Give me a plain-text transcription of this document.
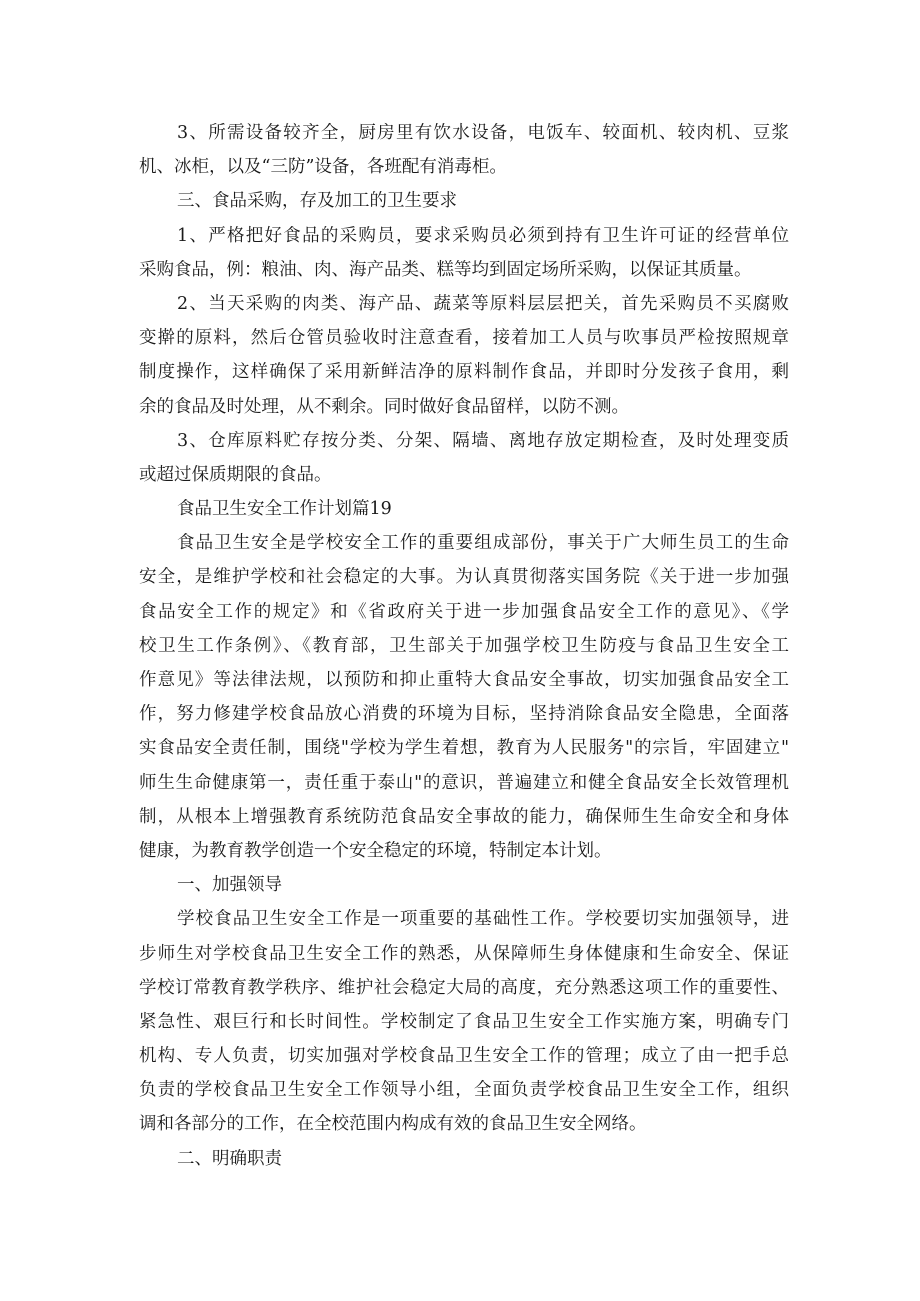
3、所需设备较齐全，厨房里有饮水设备，电饭车、较面机、较肉机、豆浆
机、冰柜，以及“三防”设备，各班配有消毒柜。
三、食品采购，存及加工的卫生要求
1、严格把好食品的采购员，要求采购员必须到持有卫生许可证的经营单位
采购食品，例：粮油、肉、海产品类、糕等均到固定场所采购，以保证其质量。
2、当天采购的肉类、海产品、蔬菜等原料层层把关，首先采购员不买腐败
变擀的原料，然后仓管员验收时注意查看，接着加工人员与吹事员严检按照规章
制度操作，这样确保了采用新鲜洁净的原料制作食品，并即时分发孩子食用，剩
余的食品及时处理，从不剩余。同时做好食品留样，以防不测。
3、仓库原料贮存按分类、分架、隔墙、离地存放定期检查，及时处理变质
或超过保质期限的食品。
食品卫生安全工作计划篇19
食品卫生安全是学校安全工作的重要组成部份，事关于广大师生员工的生命
安全，是维护学校和社会稳定的大事。为认真贯彻落实国务院《关于进一步加强
食品安全工作的规定》和《省政府关于进一步加强食品安全工作的意见》、《学
校卫生工作条例》、《教育部，卫生部关于加强学校卫生防疫与食品卫生安全工
作意见》等法律法规，以预防和抑止重特大食品安全事故，切实加强食品安全工
作，努力修建学校食品放心消费的环境为目标，坚持消除食品安全隐患，全面落
实食品安全责任制，围绕"学校为学生着想，教育为人民服务"的宗旨，牢固建立"
师生生命健康第一，责任重于泰山"的意识，普遍建立和健全食品安全长效管理机
制，从根本上增强教育系统防范食品安全事故的能力，确保师生生命安全和身体
健康，为教育教学创造一个安全稳定的环境，特制定本计划。
一、加强领导
学校食品卫生安全工作是一项重要的基础性工作。学校要切实加强领导，进
步师生对学校食品卫生安全工作的熟悉，从保障师生身体健康和生命安全、保证
学校订常教育教学秩序、维护社会稳定大局的高度，充分熟悉这项工作的重要性、
紧急性、艰巨行和长时间性。学校制定了食品卫生安全工作实施方案，明确专门
机构、专人负责，切实加强对学校食品卫生安全工作的管理；成立了由一把手总
负责的学校食品卫生安全工作领导小组，全面负责学校食品卫生安全工作，组织
调和各部分的工作，在全校范围内构成有效的食品卫生安全网络。
二、明确职责
